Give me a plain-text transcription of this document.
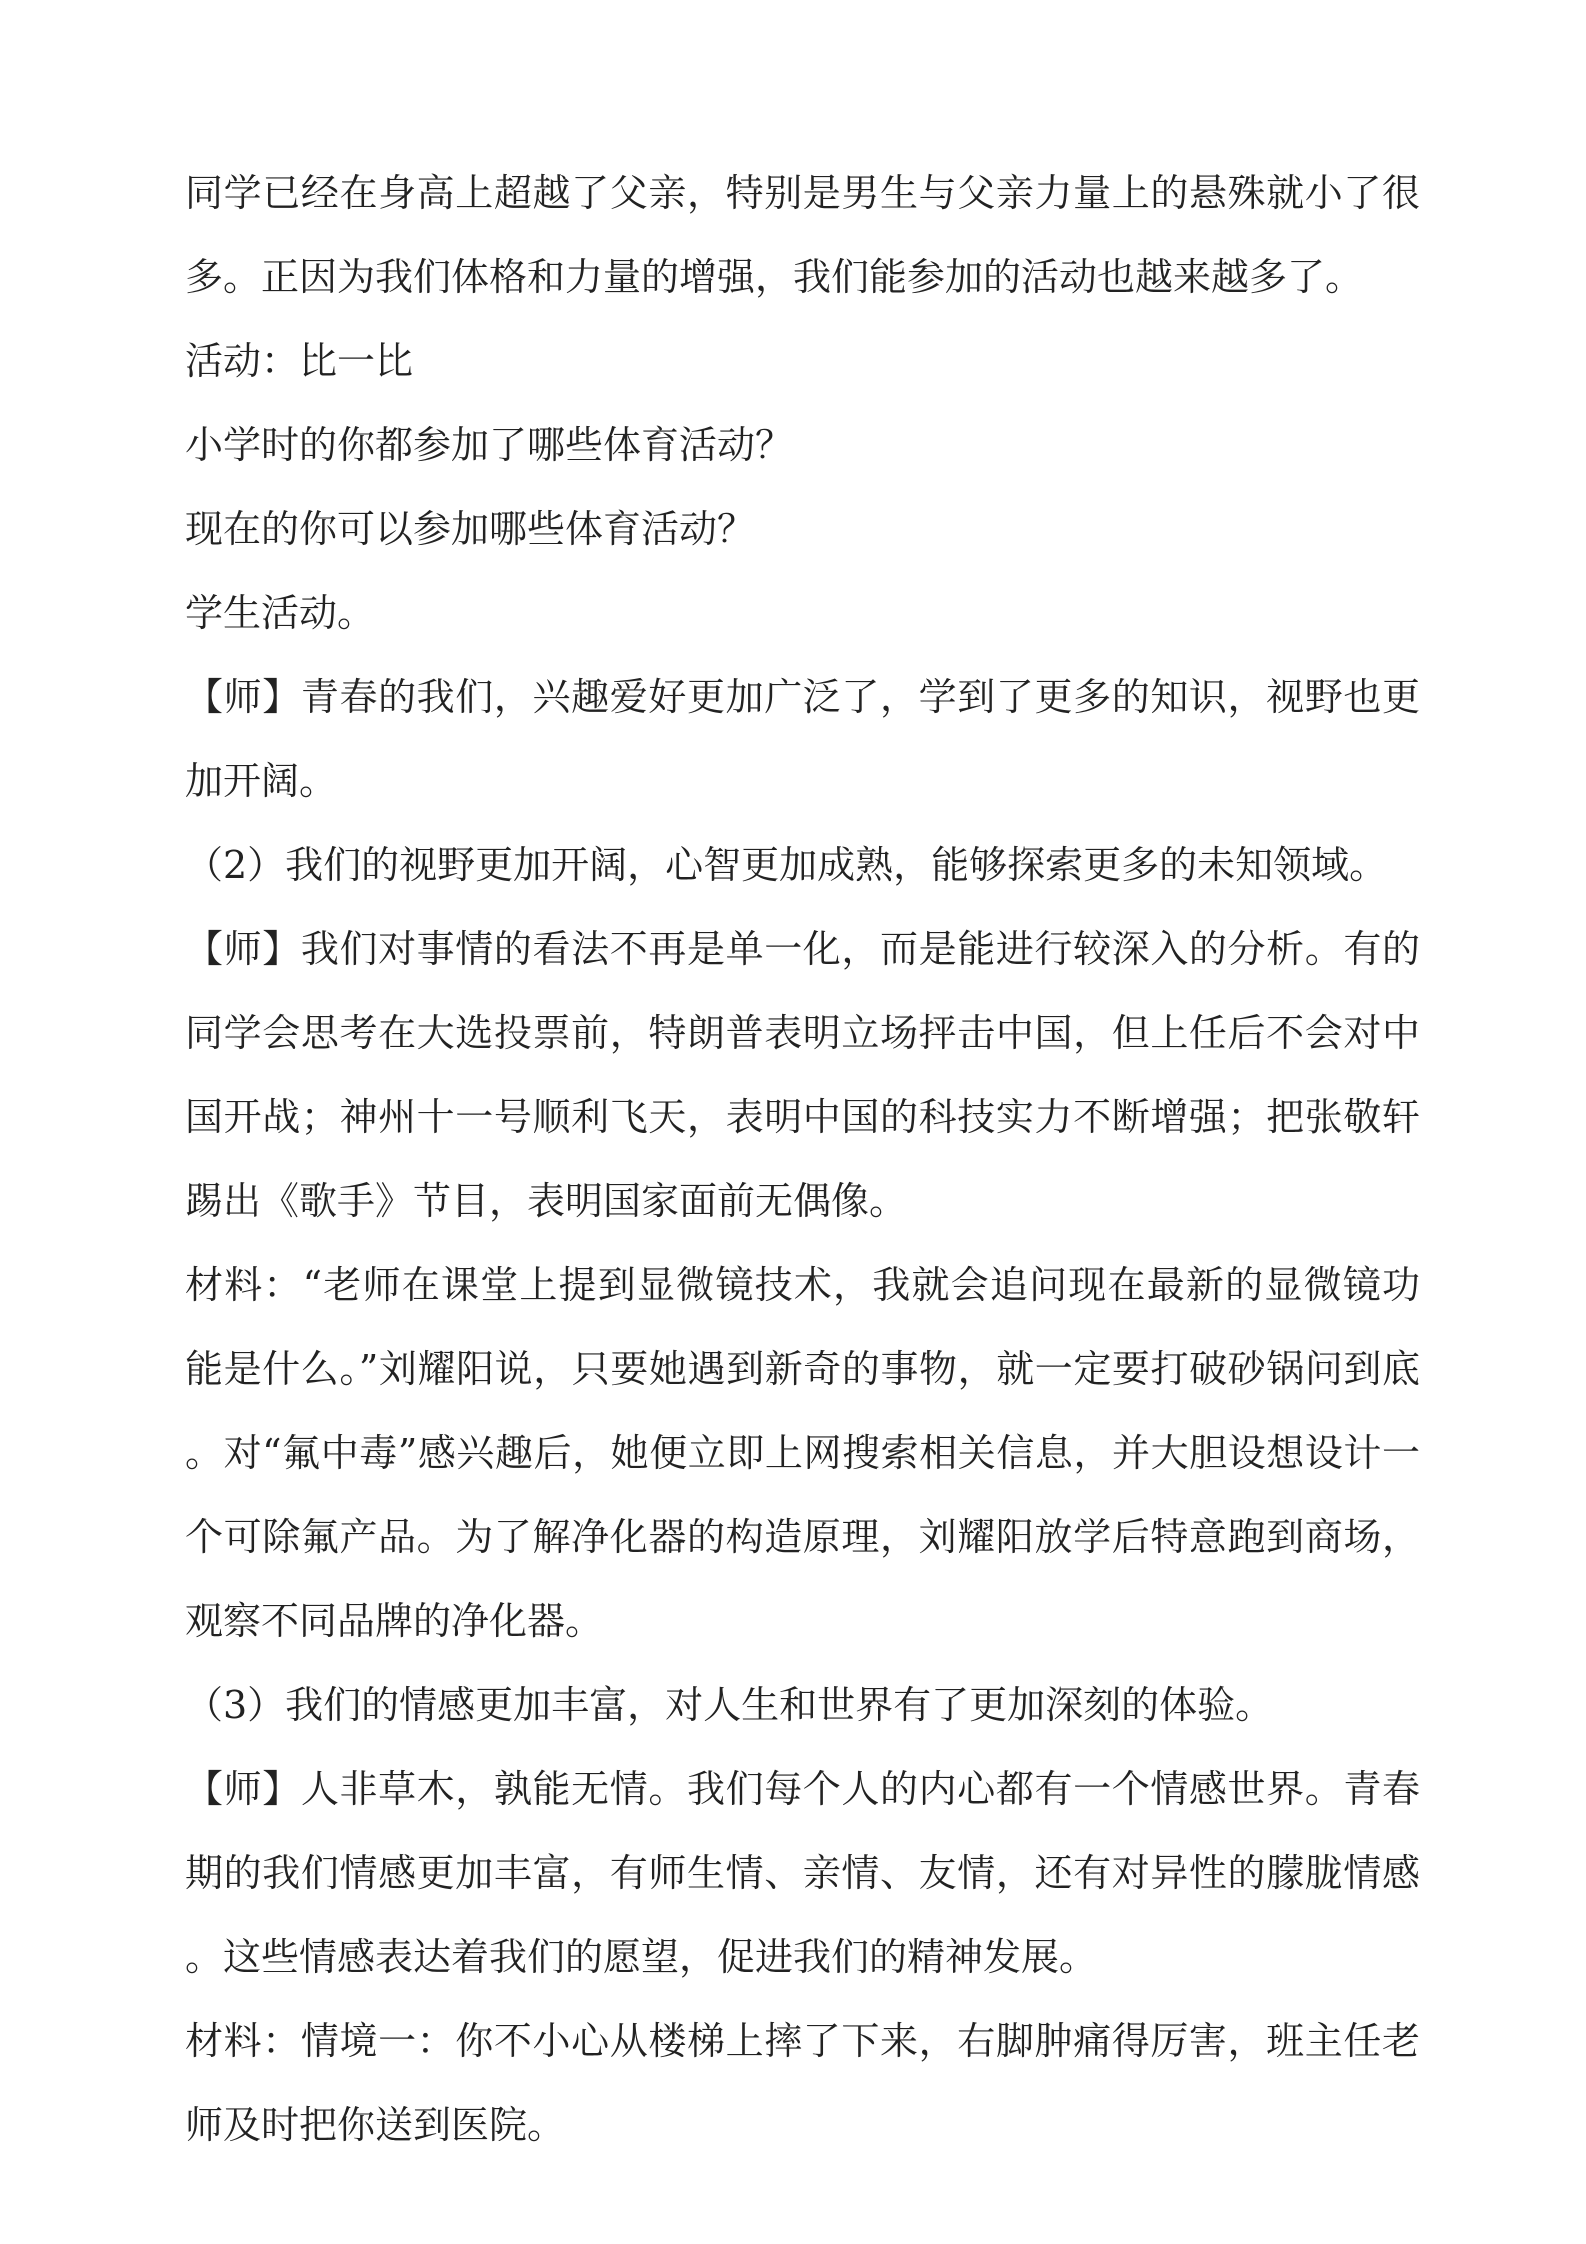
同学已经在身高上超越了父亲，特别是男生与父亲力量上的悬殊就小了很多。正因为我们体格和力量的增强，我们能参加的活动也越来越多了。

活动：比一比

小学时的你都参加了哪些体育活动？

现在的你可以参加哪些体育活动？

学生活动。

【师】青春的我们，兴趣爱好更加广泛了，学到了更多的知识，视野也更加开阔。

（2）我们的视野更加开阔，心智更加成熟，能够探索更多的未知领域。

【师】我们对事情的看法不再是单一化，而是能进行较深入的分析。有的同学会思考在大选投票前，特朗普表明立场抨击中国，但上任后不会对中国开战；神州十一号顺利飞天，表明中国的科技实力不断增强；把张敬轩踢出《歌手》节目，表明国家面前无偶像。

材料：“老师在课堂上提到显微镜技术，我就会追问现在最新的显微镜功能是什么。”刘耀阳说，只要她遇到新奇的事物，就一定要打破砂锅问到底。对“氟中毒”感兴趣后，她便立即上网搜索相关信息，并大胆设想设计一个可除氟产品。为了解净化器的构造原理，刘耀阳放学后特意跑到商场，观察不同品牌的净化器。

（3）我们的情感更加丰富，对人生和世界有了更加深刻的体验。

【师】人非草木，孰能无情。我们每个人的内心都有一个情感世界。青春期的我们情感更加丰富，有师生情、亲情、友情，还有对异性的朦胧情感。这些情感表达着我们的愿望，促进我们的精神发展。

材料：情境一：你不小心从楼梯上摔了下来，右脚肿痛得厉害，班主任老师及时把你送到医院。
